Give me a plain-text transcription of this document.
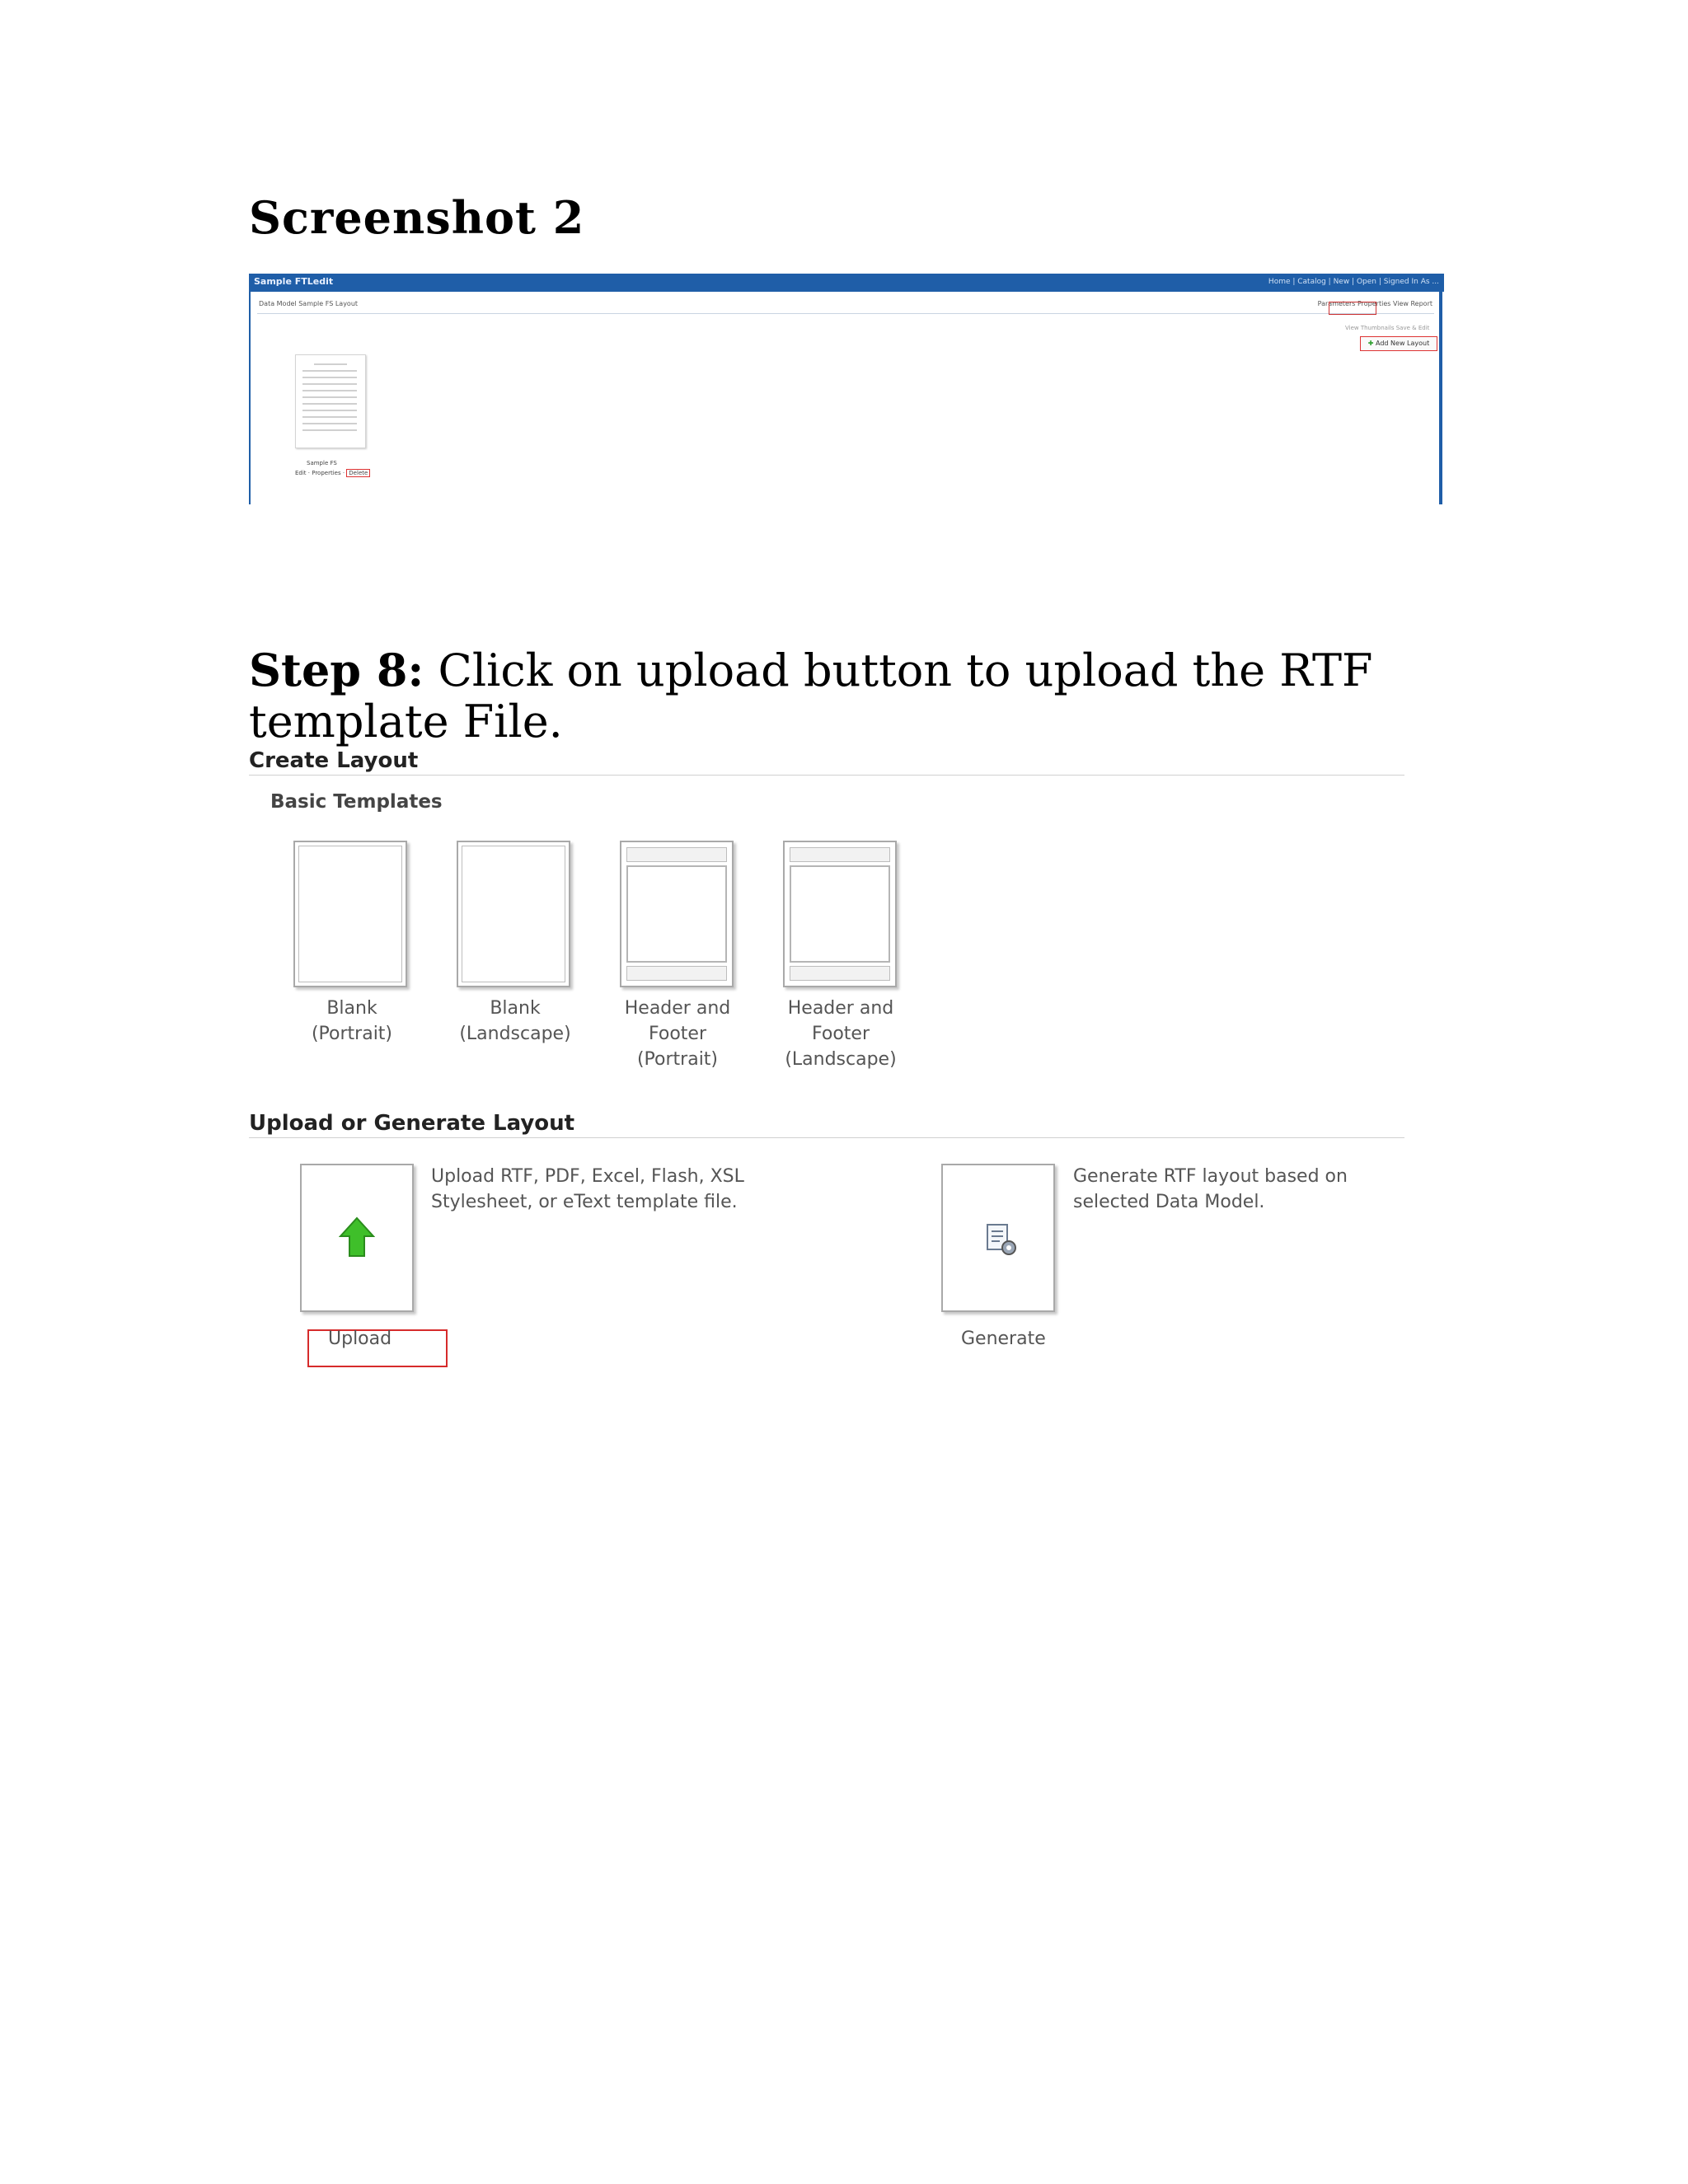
Screenshot 2
Sample FTLedit	Home | Catalog | New | Open | Signed In As ...
Data Model Sample FS Layout	Parameters Properties View Report
View Thumbnails Save & Edit
✚ Add New Layout
Sample FS
Edit · Properties · Delete
Step 8: Click on upload button to upload the RTF template File.
Create Layout
Basic Templates
Blank
(Portrait)
Blank
(Landscape)
Header and
Footer
(Portrait)
Header and
Footer
(Landscape)
Upload or Generate Layout
Upload RTF, PDF, Excel, Flash, XSL
Stylesheet, or eText template file.
Upload
Generate RTF layout based on
selected Data Model.
Generate
